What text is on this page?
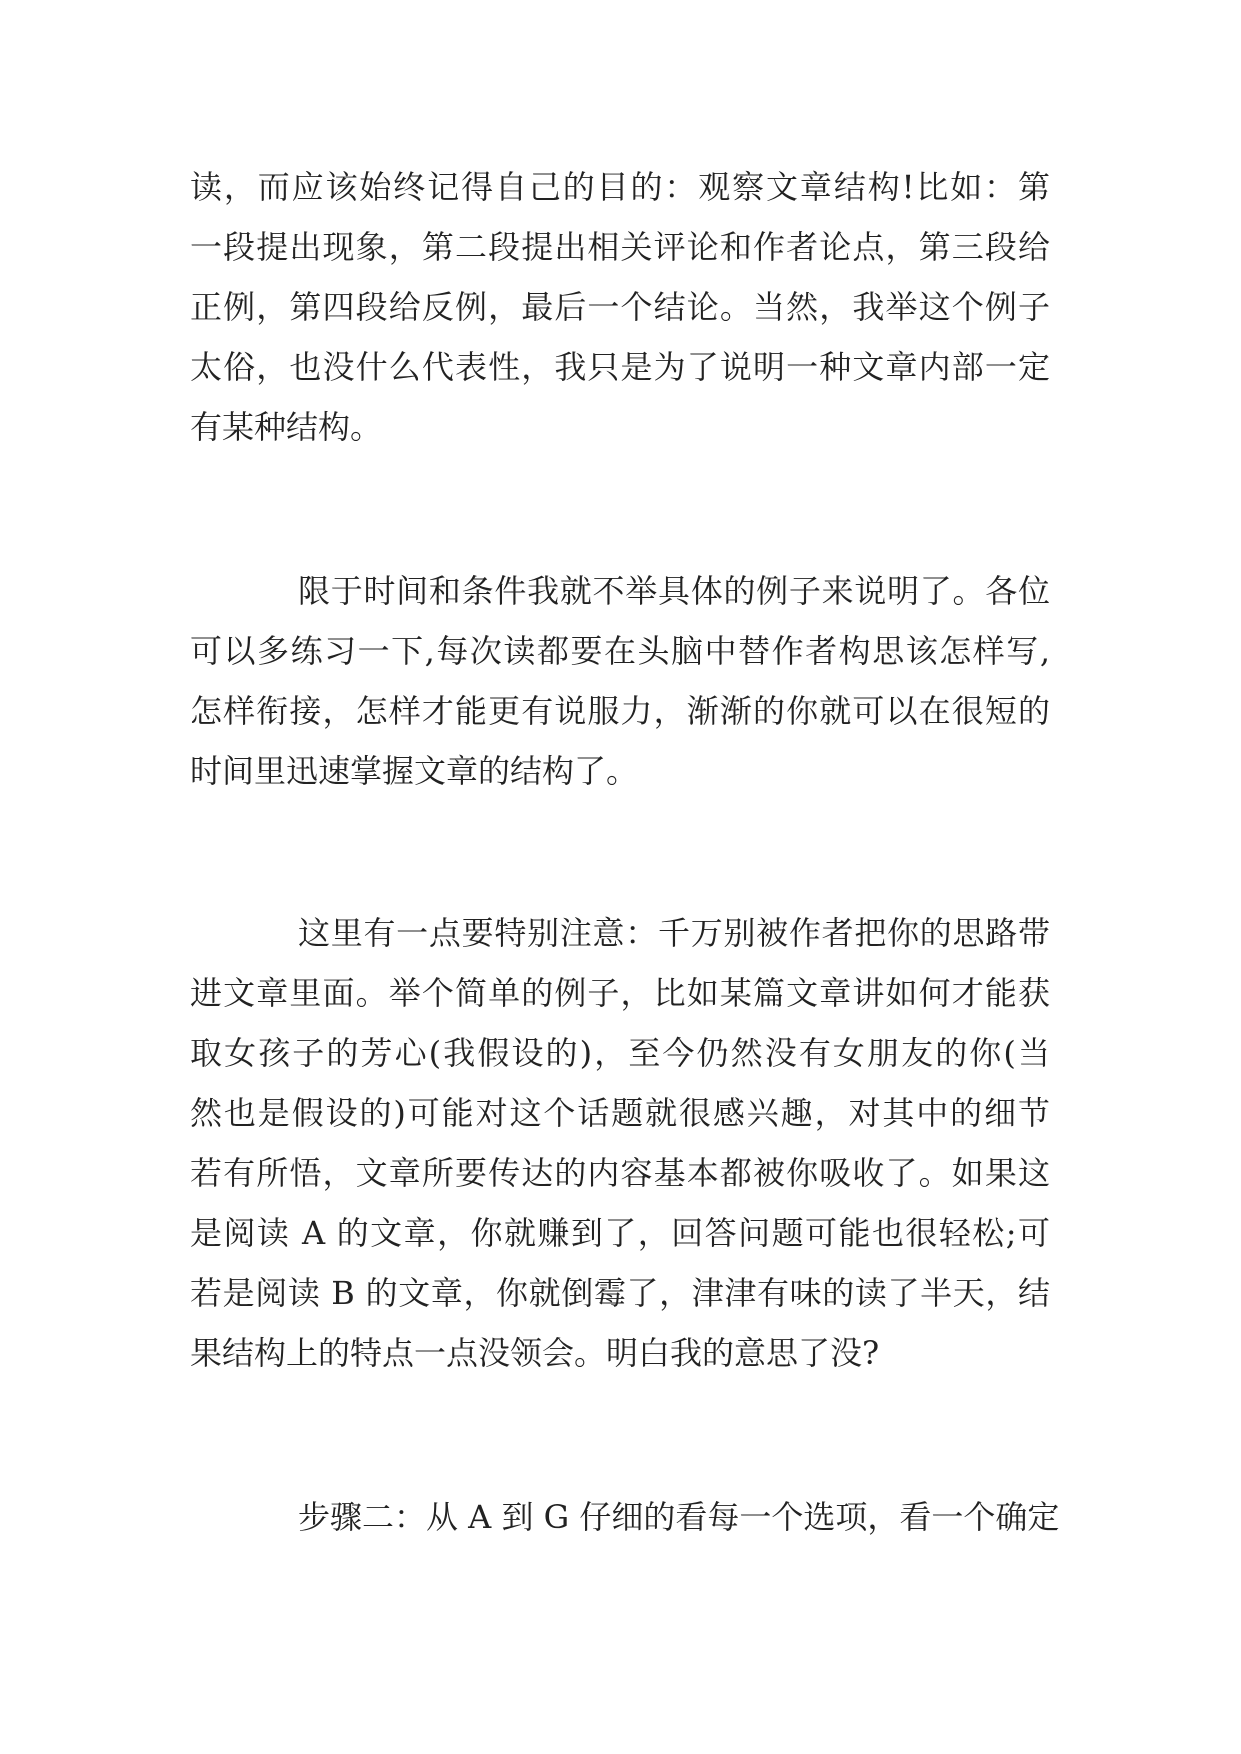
读，而应该始终记得自己的目的：观察文章结构!比如：第
一段提出现象，第二段提出相关评论和作者论点，第三段给
正例，第四段给反例，最后一个结论。当然，我举这个例子
太俗，也没什么代表性，我只是为了说明一种文章内部一定
有某种结构。
限于时间和条件我就不举具体的例子来说明了。各位
可以多练习一下,每次读都要在头脑中替作者构思该怎样写,
怎样衔接，怎样才能更有说服力，渐渐的你就可以在很短的
时间里迅速掌握文章的结构了。
这里有一点要特别注意：千万别被作者把你的思路带
进文章里面。举个简单的例子，比如某篇文章讲如何才能获
取女孩子的芳心(我假设的)，至今仍然没有女朋友的你(当
然也是假设的)可能对这个话题就很感兴趣，对其中的细节
若有所悟，文章所要传达的内容基本都被你吸收了。如果这
是阅读 A 的文章，你就赚到了，回答问题可能也很轻松;可
若是阅读 B 的文章，你就倒霉了，津津有味的读了半天，结
果结构上的特点一点没领会。明白我的意思了没?
步骤二：从 A 到 G 仔细的看每一个选项，看一个确定
